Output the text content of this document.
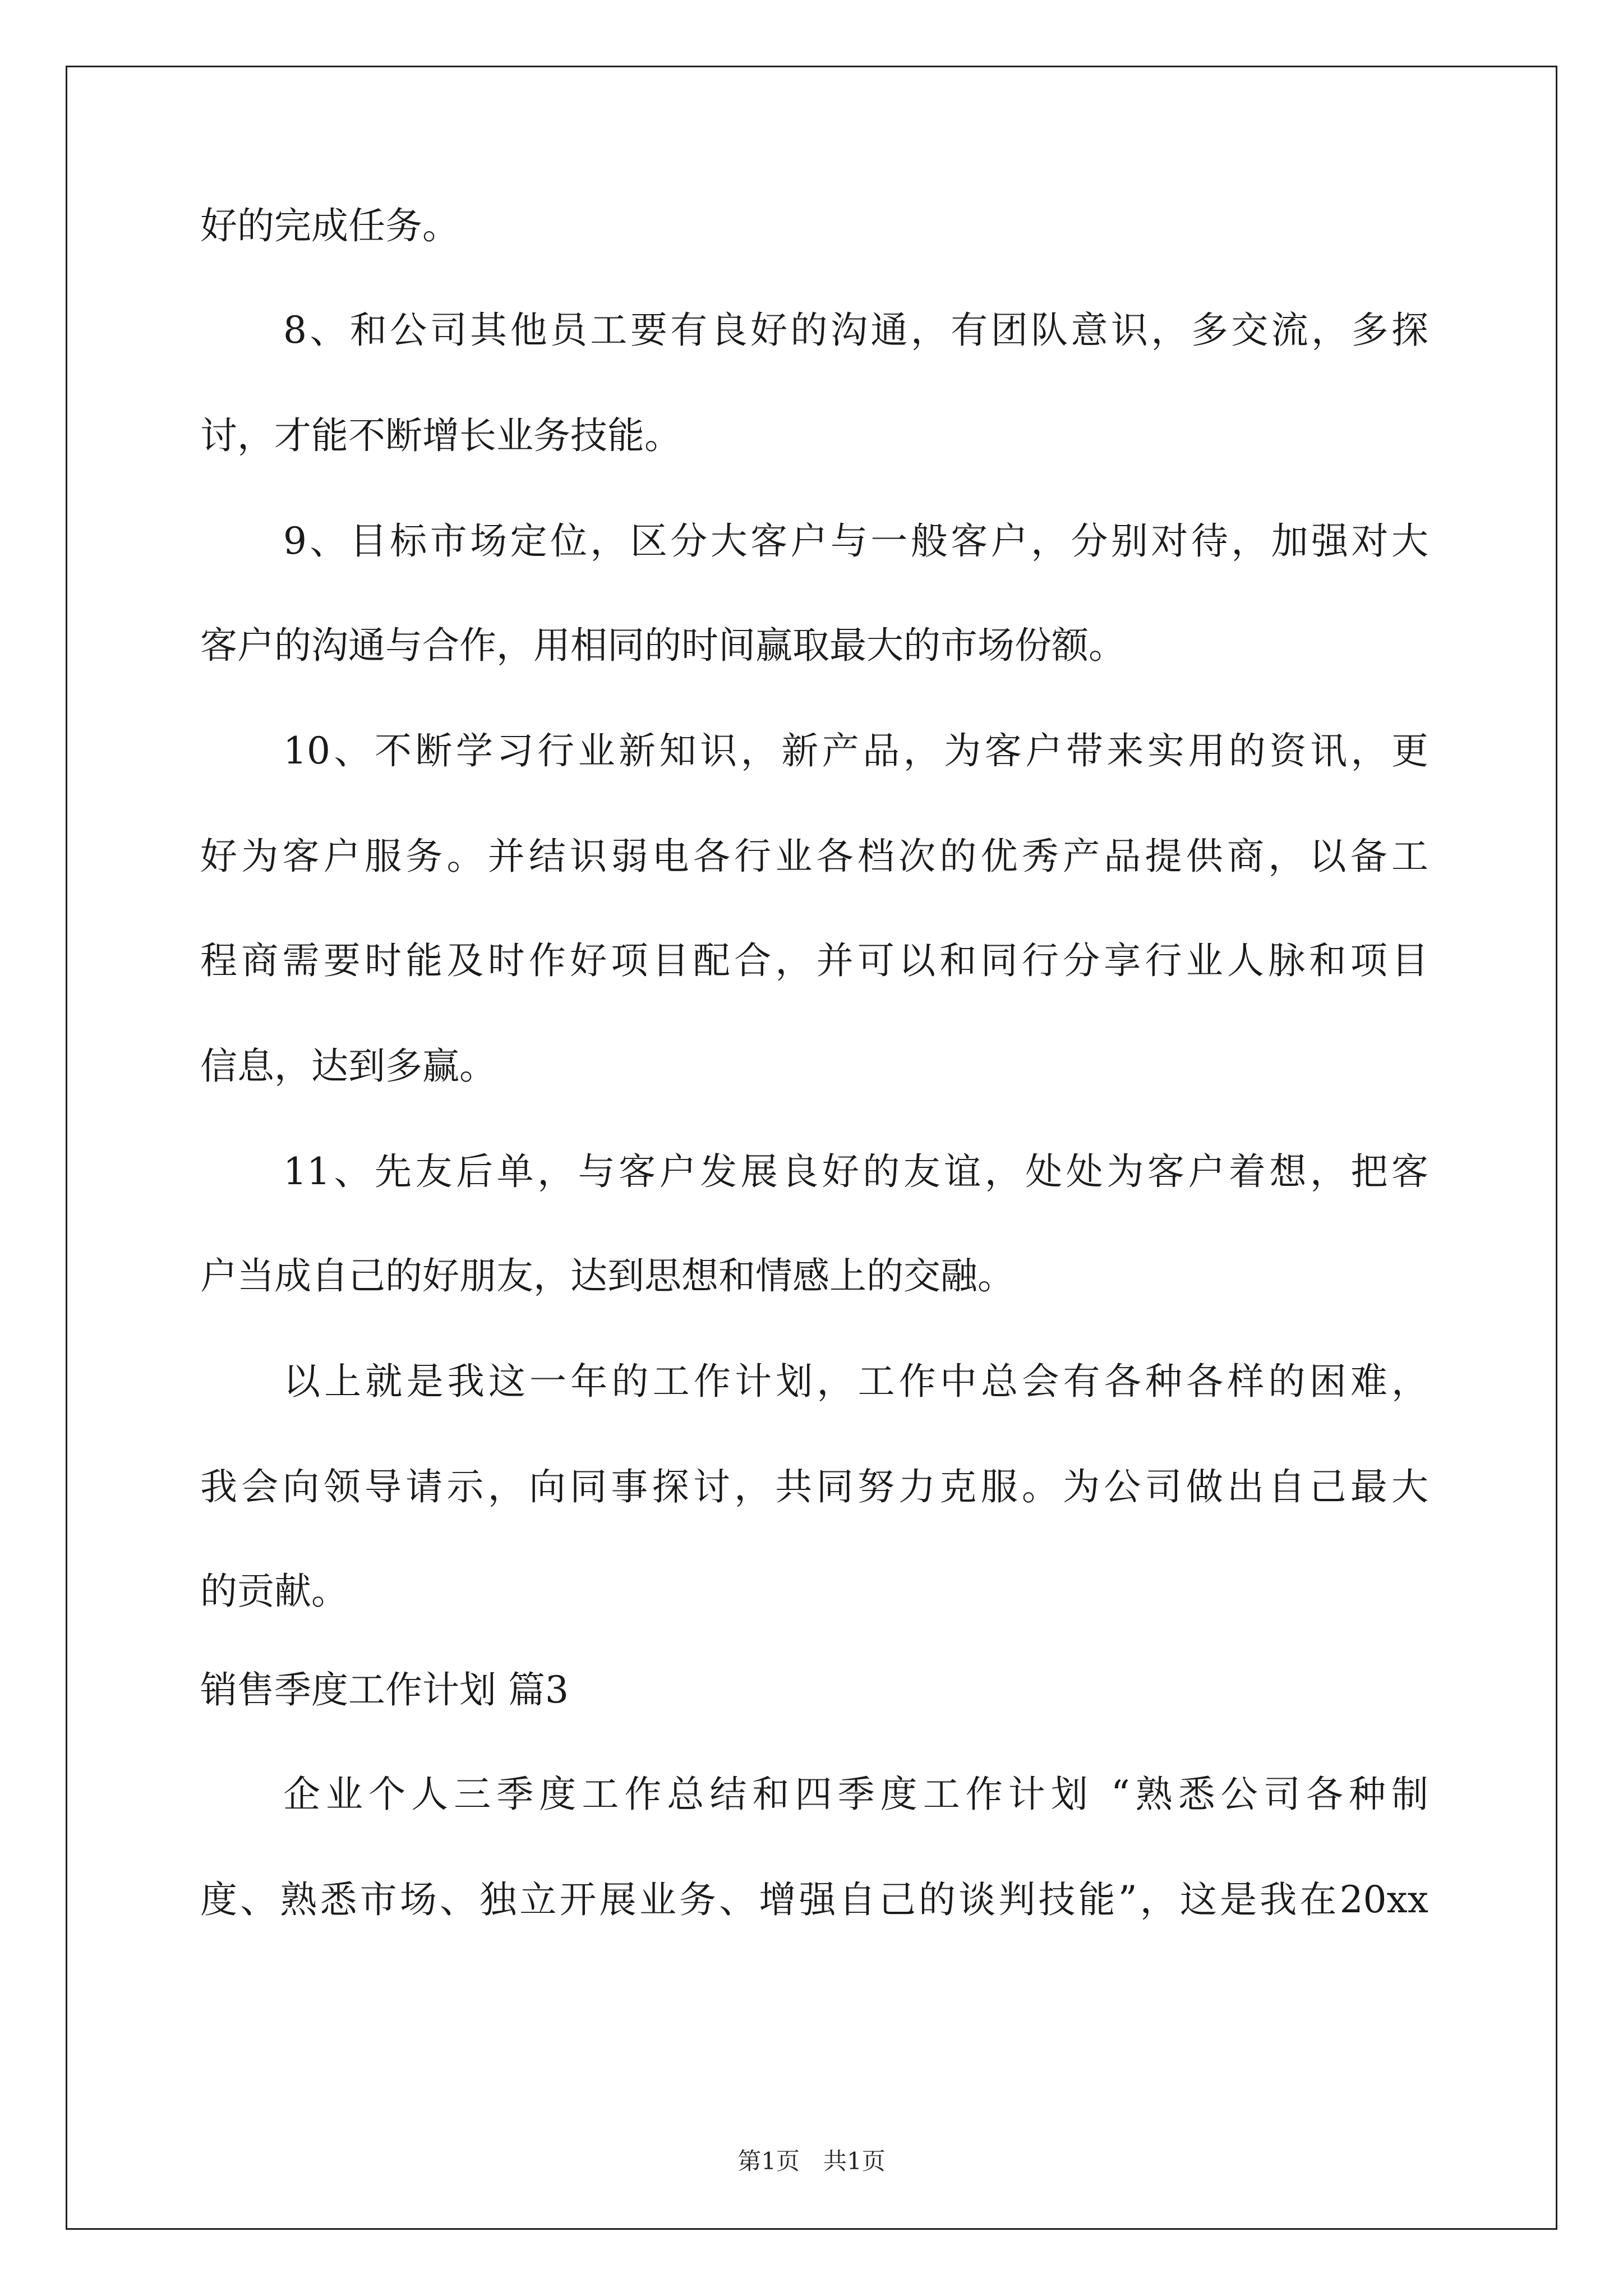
好的完成任务。
8、和公司其他员工要有良好的沟通，有团队意识，多交流，多探
讨，才能不断增长业务技能。
9、目标市场定位，区分大客户与一般客户，分别对待，加强对大
客户的沟通与合作，用相同的时间赢取最大的市场份额。
10、不断学习行业新知识，新产品，为客户带来实用的资讯，更
好为客户服务。并结识弱电各行业各档次的优秀产品提供商，以备工
程商需要时能及时作好项目配合，并可以和同行分享行业人脉和项目
信息，达到多赢。
11、先友后单，与客户发展良好的友谊，处处为客户着想，把客
户当成自己的好朋友，达到思想和情感上的交融。
以上就是我这一年的工作计划，工作中总会有各种各样的困难，
我会向领导请示，向同事探讨，共同努力克服。为公司做出自己最大
的贡献。
销售季度工作计划 篇3
企业个人三季度工作总结和四季度工作计划 “熟悉公司各种制
度、熟悉市场、独立开展业务、增强自己的谈判技能”，这是我在20xx
第1页　共1页
